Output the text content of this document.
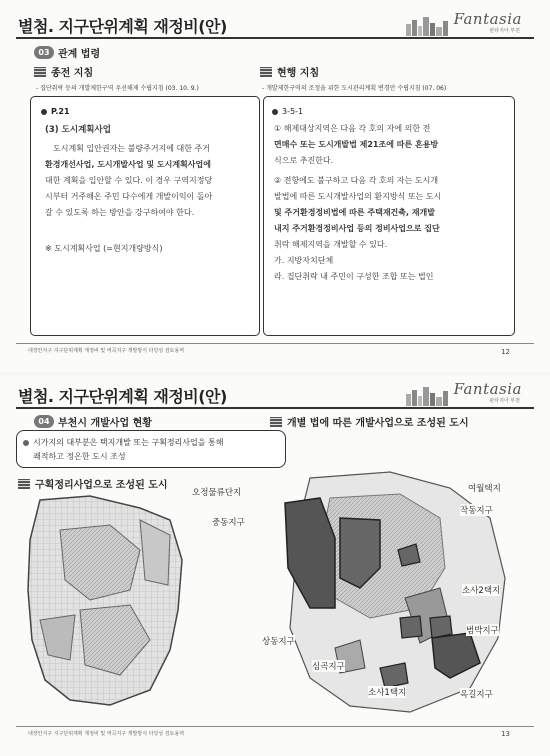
별첨. 지구단위계획 재정비(안)	Fantasia
판타지아 부천
03 관계 법령
종전 지침
- 집단취락 등의 개발제한구역 우선해제 수립지침 (03. 10. 9.)
현행 지침
- 개발제한구역의 조정을 위한 도시관리계획 변경안 수립지침 (07. 06)
P.21
(3) 도시계획사업
도시계획 입안권자는 불량주거지에 대한 주거
환경개선사업, 도시개발사업 및 도시계획사업에
대한 계획을 입안할 수 있다. 이 경우 구역지정당
시부터 거주해온 주민 다수에게 개발이익이 돌아
갈 수 있도록 하는 방안을 강구하여야 한다.
※ 도시계획사업 (=현지개량방식)
3-5-1
① 해제대상지역은 다음 각 호의 자에 의한 전
면매수 또는 도시개발법 제21조에 따른 혼용방
식으로 추진한다.
② 전항에도 불구하고 다음 각 호의 자는 도시개
발법에 따른 도시개발사업의 환지방식 또는 도시
및 주거환경정비법에 따른 주택재건축, 재개발
내지 주거환경정비사업 등의 정비사업으로 집단
취락 해제지역을 개발할 수 있다.
가. 지방자치단체
라. 집단취락 내 주민이 구성한 조합 또는 법인
대장안지구 지구단위계획 재정비 및 역곡지구 개발방식 타당성 검토용역	12
별첨. 지구단위계획 재정비(안)	Fantasia
판타지아 부천
04 부천시 개발사업 현황	개별 법에 따른 개발사업으로 조성된 도시
시가지의 대부분은 택지개발 또는 구획정리사업을 통해
쾌적하고 정온한 도시 조성
구획정리사업으로 조성된 도시
오정물류단지
중동지구
상동지구
심곡지구
소사1택지
여월택지
작동지구
소사2택지
범박지구
옥길지구
대장안지구 지구단위계획 재정비 및 역곡지구 개발방식 타당성 검토용역	13
